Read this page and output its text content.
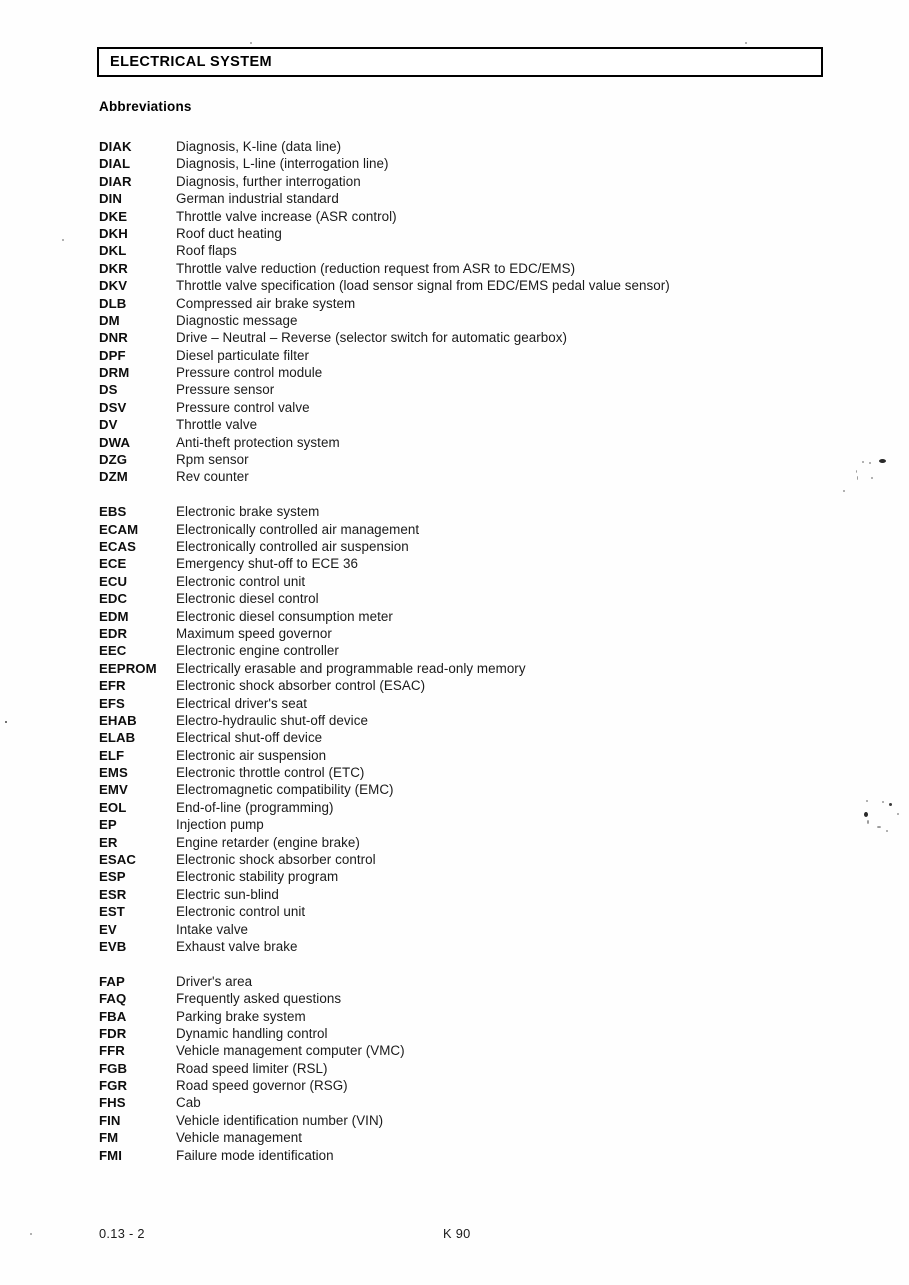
ELECTRICAL SYSTEM
Abbreviations
DIAK	Diagnosis, K-line (data line)
DIAL	Diagnosis, L-line (interrogation line)
DIAR	Diagnosis, further interrogation
DIN	German industrial standard
DKE	Throttle valve increase (ASR control)
DKH	Roof duct heating
DKL	Roof flaps
DKR	Throttle valve reduction (reduction request from ASR to EDC/EMS)
DKV	Throttle valve specification (load sensor signal from EDC/EMS pedal value sensor)
DLB	Compressed air brake system
DM	Diagnostic message
DNR	Drive – Neutral – Reverse (selector switch for automatic gearbox)
DPF	Diesel particulate filter
DRM	Pressure control module
DS	Pressure sensor
DSV	Pressure control valve
DV	Throttle valve
DWA	Anti-theft protection system
DZG	Rpm sensor
DZM	Rev counter
EBS	Electronic brake system
ECAM	Electronically controlled air management
ECAS	Electronically controlled air suspension
ECE	Emergency shut-off to ECE 36
ECU	Electronic control unit
EDC	Electronic diesel control
EDM	Electronic diesel consumption meter
EDR	Maximum speed governor
EEC	Electronic engine controller
EEPROM Electrically erasable and programmable read-only memory
EFR	Electronic shock absorber control (ESAC)
EFS	Electrical driver's seat
EHAB	Electro-hydraulic shut-off device
ELAB	Electrical shut-off device
ELF	Electronic air suspension
EMS	Electronic throttle control (ETC)
EMV	Electromagnetic compatibility (EMC)
EOL	End-of-line (programming)
EP	Injection pump
ER	Engine retarder (engine brake)
ESAC	Electronic shock absorber control
ESP	Electronic stability program
ESR	Electric sun-blind
EST	Electronic control unit
EV	Intake valve
EVB	Exhaust valve brake
FAP	Driver's area
FAQ	Frequently asked questions
FBA	Parking brake system
FDR	Dynamic handling control
FFR	Vehicle management computer (VMC)
FGB	Road speed limiter (RSL)
FGR	Road speed governor (RSG)
FHS	Cab
FIN	Vehicle identification number (VIN)
FM	Vehicle management
FMI	Failure mode identification
0.13 - 2	K 90
